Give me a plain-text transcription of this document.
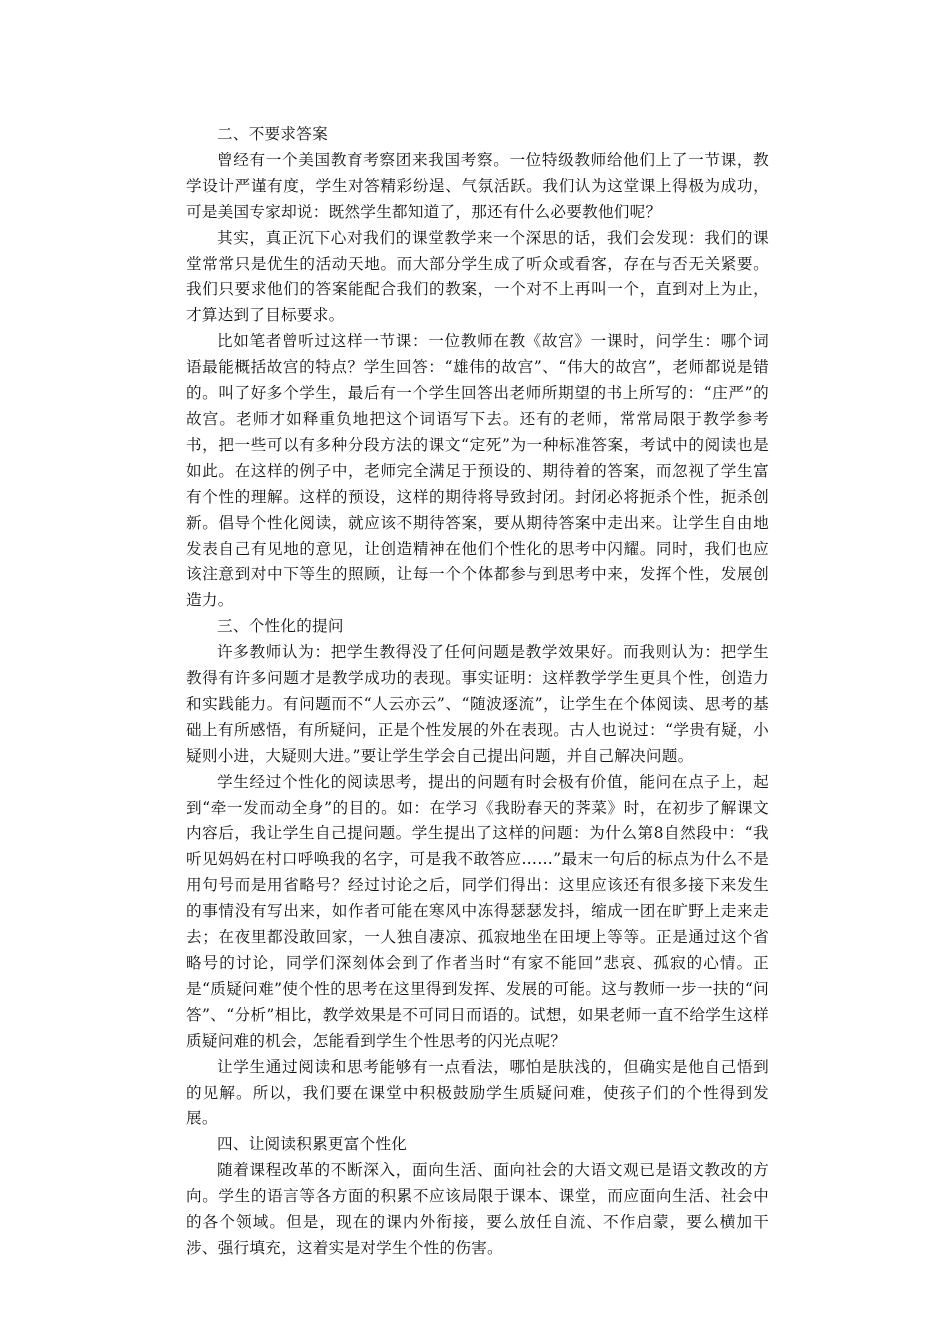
二、不要求答案

曾经有一个美国教育考察团来我国考察。一位特级教师给他们上了一节课，教学设计严谨有度，学生对答精彩纷逞、气氛活跃。我们认为这堂课上得极为成功，可是美国专家却说：既然学生都知道了，那还有什么必要教他们呢？

其实，真正沉下心对我们的课堂教学来一个深思的话，我们会发现：我们的课堂常常只是优生的活动天地。而大部分学生成了听众或看客，存在与否无关紧要。我们只要求他们的答案能配合我们的教案，一个对不上再叫一个，直到对上为止，才算达到了目标要求。

比如笔者曾听过这样一节课：一位教师在教《故宫》一课时，问学生：哪个词语最能概括故宫的特点？学生回答：“雄伟的故宫”、“伟大的故宫”，老师都说是错的。叫了好多个学生，最后有一个学生回答出老师所期望的书上所写的：“庄严”的故宫。老师才如释重负地把这个词语写下去。还有的老师，常常局限于教学参考书，把一些可以有多种分段方法的课文“定死”为一种标准答案，考试中的阅读也是如此。在这样的例子中，老师完全满足于预设的、期待着的答案，而忽视了学生富有个性的理解。这样的预设，这样的期待将导致封闭。封闭必将扼杀个性，扼杀创新。倡导个性化阅读，就应该不期待答案，要从期待答案中走出来。让学生自由地发表自己有见地的意见，让创造精神在他们个性化的思考中闪耀。同时，我们也应该注意到对中下等生的照顾，让每一个个体都参与到思考中来，发挥个性，发展创造力。

三、个性化的提问

许多教师认为：把学生教得没了任何问题是教学效果好。而我则认为：把学生教得有许多问题才是教学成功的表现。事实证明：这样教学学生更具个性，创造力和实践能力。有问题而不“人云亦云”、“随波逐流”，让学生在个体阅读、思考的基础上有所感悟，有所疑问，正是个性发展的外在表现。古人也说过：“学贵有疑，小疑则小进，大疑则大进。”要让学生学会自己提出问题，并自己解决问题。

学生经过个性化的阅读思考，提出的问题有时会极有价值，能问在点子上，起到“牵一发而动全身”的目的。如：在学习《我盼春天的荠菜》时，在初步了解课文内容后，我让学生自己提问题。学生提出了这样的问题：为什么第8自然段中：“我听见妈妈在村口呼唤我的名字，可是我不敢答应……”最末一句后的标点为什么不是用句号而是用省略号？经过讨论之后，同学们得出：这里应该还有很多接下来发生的事情没有写出来，如作者可能在寒风中冻得瑟瑟发抖，缩成一团在旷野上走来走去；在夜里都没敢回家，一人独自凄凉、孤寂地坐在田埂上等等。正是通过这个省略号的讨论，同学们深刻体会到了作者当时“有家不能回”悲哀、孤寂的心情。正是“质疑问难”使个性的思考在这里得到发挥、发展的可能。这与教师一步一扶的“问答”、“分析”相比，教学效果是不可同日而语的。试想，如果老师一直不给学生这样质疑问难的机会，怎能看到学生个性思考的闪光点呢？

让学生通过阅读和思考能够有一点看法，哪怕是肤浅的，但确实是他自己悟到的见解。所以，我们要在课堂中积极鼓励学生质疑问难，使孩子们的个性得到发展。

四、让阅读积累更富个性化

随着课程改革的不断深入，面向生活、面向社会的大语文观已是语文教改的方向。学生的语言等各方面的积累不应该局限于课本、课堂，而应面向生活、社会中的各个领域。但是，现在的课内外衔接，要么放任自流、不作启蒙，要么横加干涉、强行填充，这着实是对学生个性的伤害。
